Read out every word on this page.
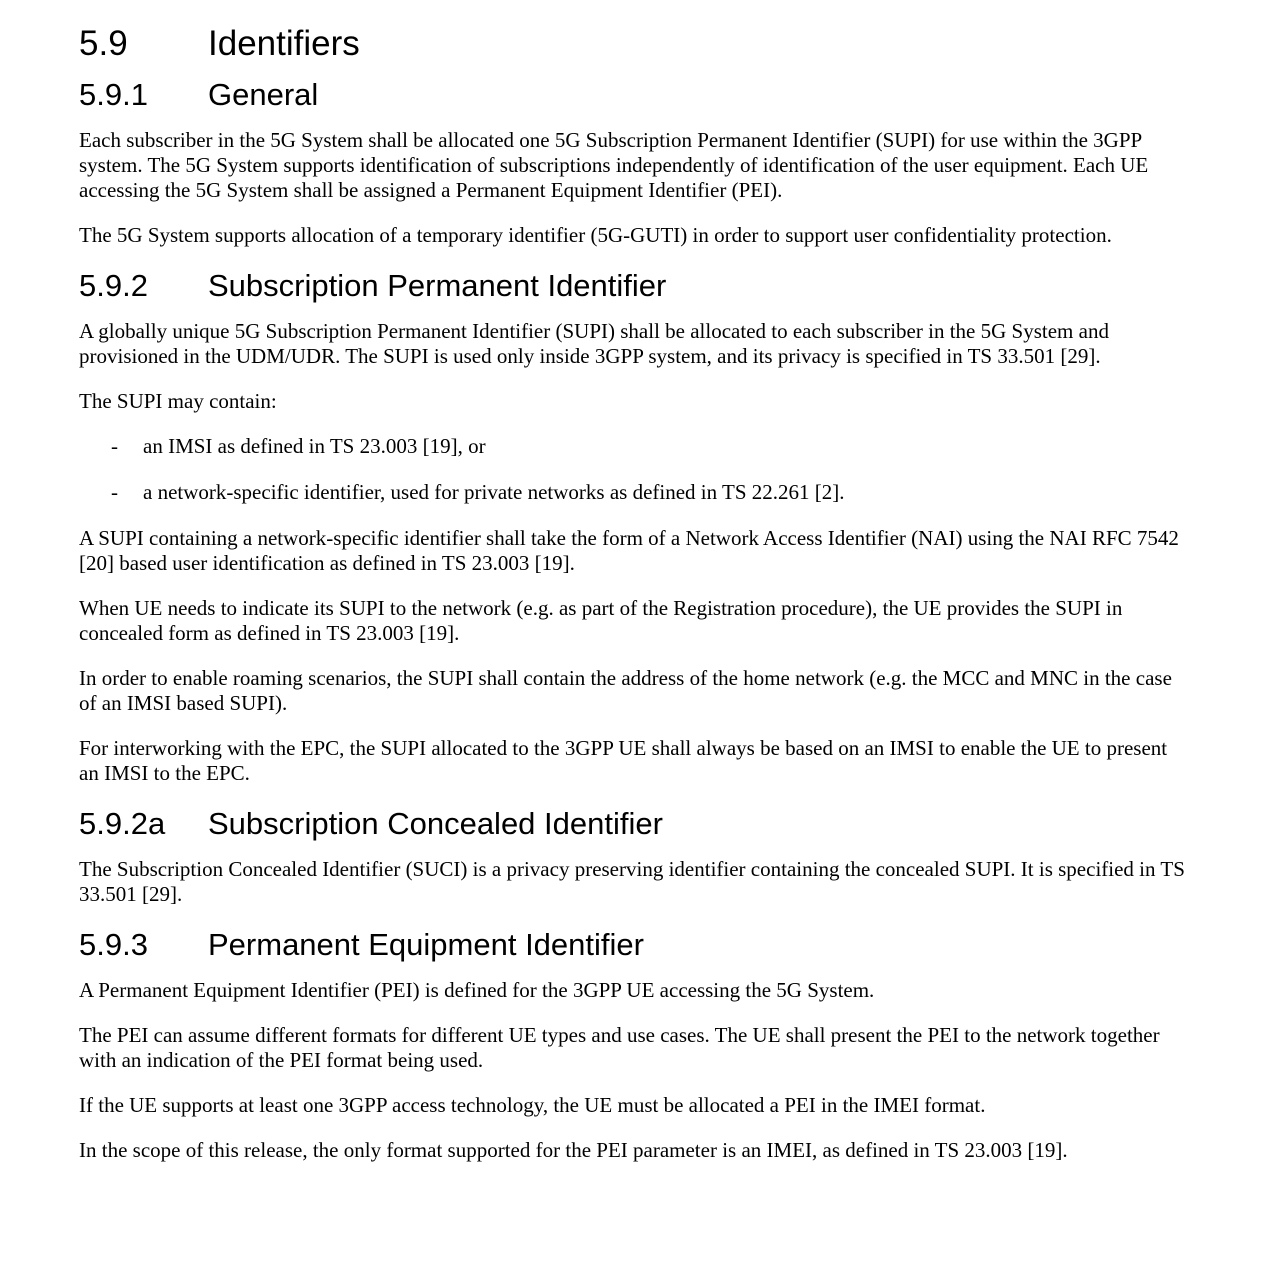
5.9	Identifiers
5.9.1	General

Each subscriber in the 5G System shall be allocated one 5G Subscription Permanent Identifier (SUPI) for use within the 3GPP system. The 5G System supports identification of subscriptions independently of identification of the user equipment. Each UE accessing the 5G System shall be assigned a Permanent Equipment Identifier (PEI).

The 5G System supports allocation of a temporary identifier (5G-GUTI) in order to support user confidentiality protection.

5.9.2	Subscription Permanent Identifier

A globally unique 5G Subscription Permanent Identifier (SUPI) shall be allocated to each subscriber in the 5G System and provisioned in the UDM/UDR. The SUPI is used only inside 3GPP system, and its privacy is specified in TS 33.501 [29].

The SUPI may contain:

-	an IMSI as defined in TS 23.003 [19], or
-	a network-specific identifier, used for private networks as defined in TS 22.261 [2].

A SUPI containing a network-specific identifier shall take the form of a Network Access Identifier (NAI) using the NAI RFC 7542 [20] based user identification as defined in TS 23.003 [19].

When UE needs to indicate its SUPI to the network (e.g. as part of the Registration procedure), the UE provides the SUPI in concealed form as defined in TS 23.003 [19].

In order to enable roaming scenarios, the SUPI shall contain the address of the home network (e.g. the MCC and MNC in the case of an IMSI based SUPI).

For interworking with the EPC, the SUPI allocated to the 3GPP UE shall always be based on an IMSI to enable the UE to present an IMSI to the EPC.

5.9.2a	Subscription Concealed Identifier

The Subscription Concealed Identifier (SUCI) is a privacy preserving identifier containing the concealed SUPI. It is specified in TS 33.501 [29].

5.9.3	Permanent Equipment Identifier

A Permanent Equipment Identifier (PEI) is defined for the 3GPP UE accessing the 5G System.

The PEI can assume different formats for different UE types and use cases. The UE shall present the PEI to the network together with an indication of the PEI format being used.

If the UE supports at least one 3GPP access technology, the UE must be allocated a PEI in the IMEI format.

In the scope of this release, the only format supported for the PEI parameter is an IMEI, as defined in TS 23.003 [19].
